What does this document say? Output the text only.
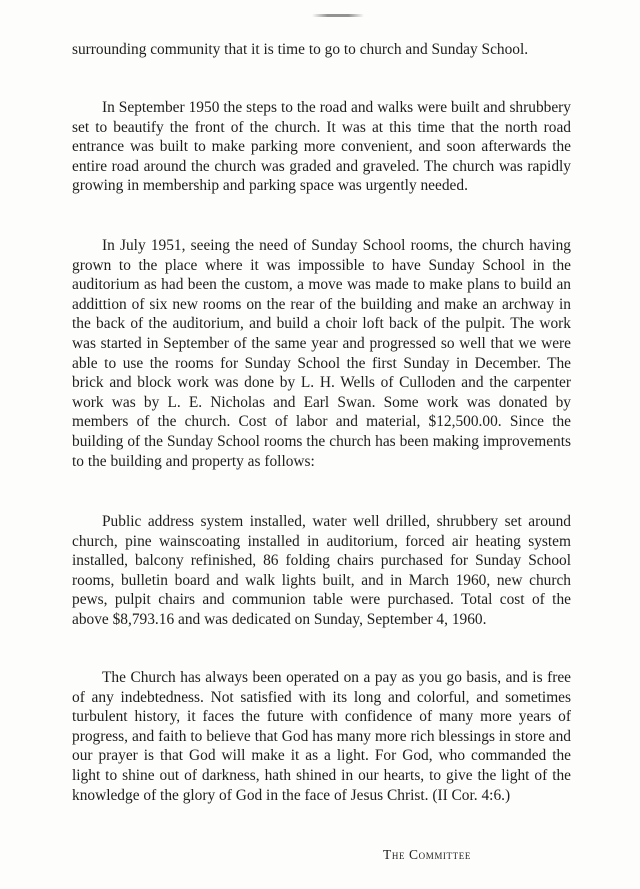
surrounding community that it is time to go to church and Sunday School.

In September 1950 the steps to the road and walks were built and shrubbery set to beautify the front of the church. It was at this time that the north road entrance was built to make parking more convenient, and soon afterwards the entire road around the church was graded and graveled. The church was rapidly growing in membership and parking space was urgently needed.

In July 1951, seeing the need of Sunday School rooms, the church having grown to the place where it was impossible to have Sunday School in the auditorium as had been the custom, a move was made to make plans to build an addittion of six new rooms on the rear of the building and make an archway in the back of the auditorium, and build a choir loft back of the pulpit. The work was started in September of the same year and progressed so well that we were able to use the rooms for Sunday School the first Sunday in December. The brick and block work was done by L. H. Wells of Culloden and the carpenter work was by L. E. Nicholas and Earl Swan. Some work was donated by members of the church. Cost of labor and material, $12,500.00. Since the building of the Sunday School rooms the church has been making improvements to the building and property as follows:

Public address system installed, water well drilled, shrubbery set around church, pine wainscoating installed in auditorium, forced air heating system installed, balcony refinished, 86 folding chairs purchased for Sunday School rooms, bulletin board and walk lights built, and in March 1960, new church pews, pulpit chairs and communion table were purchased. Total cost of the above $8,793.16 and was dedicated on Sunday, September 4, 1960.

The Church has always been operated on a pay as you go basis, and is free of any indebtedness. Not satisfied with its long and colorful, and sometimes turbulent history, it faces the future with confidence of many more years of progress, and faith to believe that God has many more rich blessings in store and our prayer is that God will make it as a light. For God, who commanded the light to shine out of darkness, hath shined in our hearts, to give the light of the knowledge of the glory of God in the face of Jesus Christ. (II Cor. 4:6.)

The Committee
